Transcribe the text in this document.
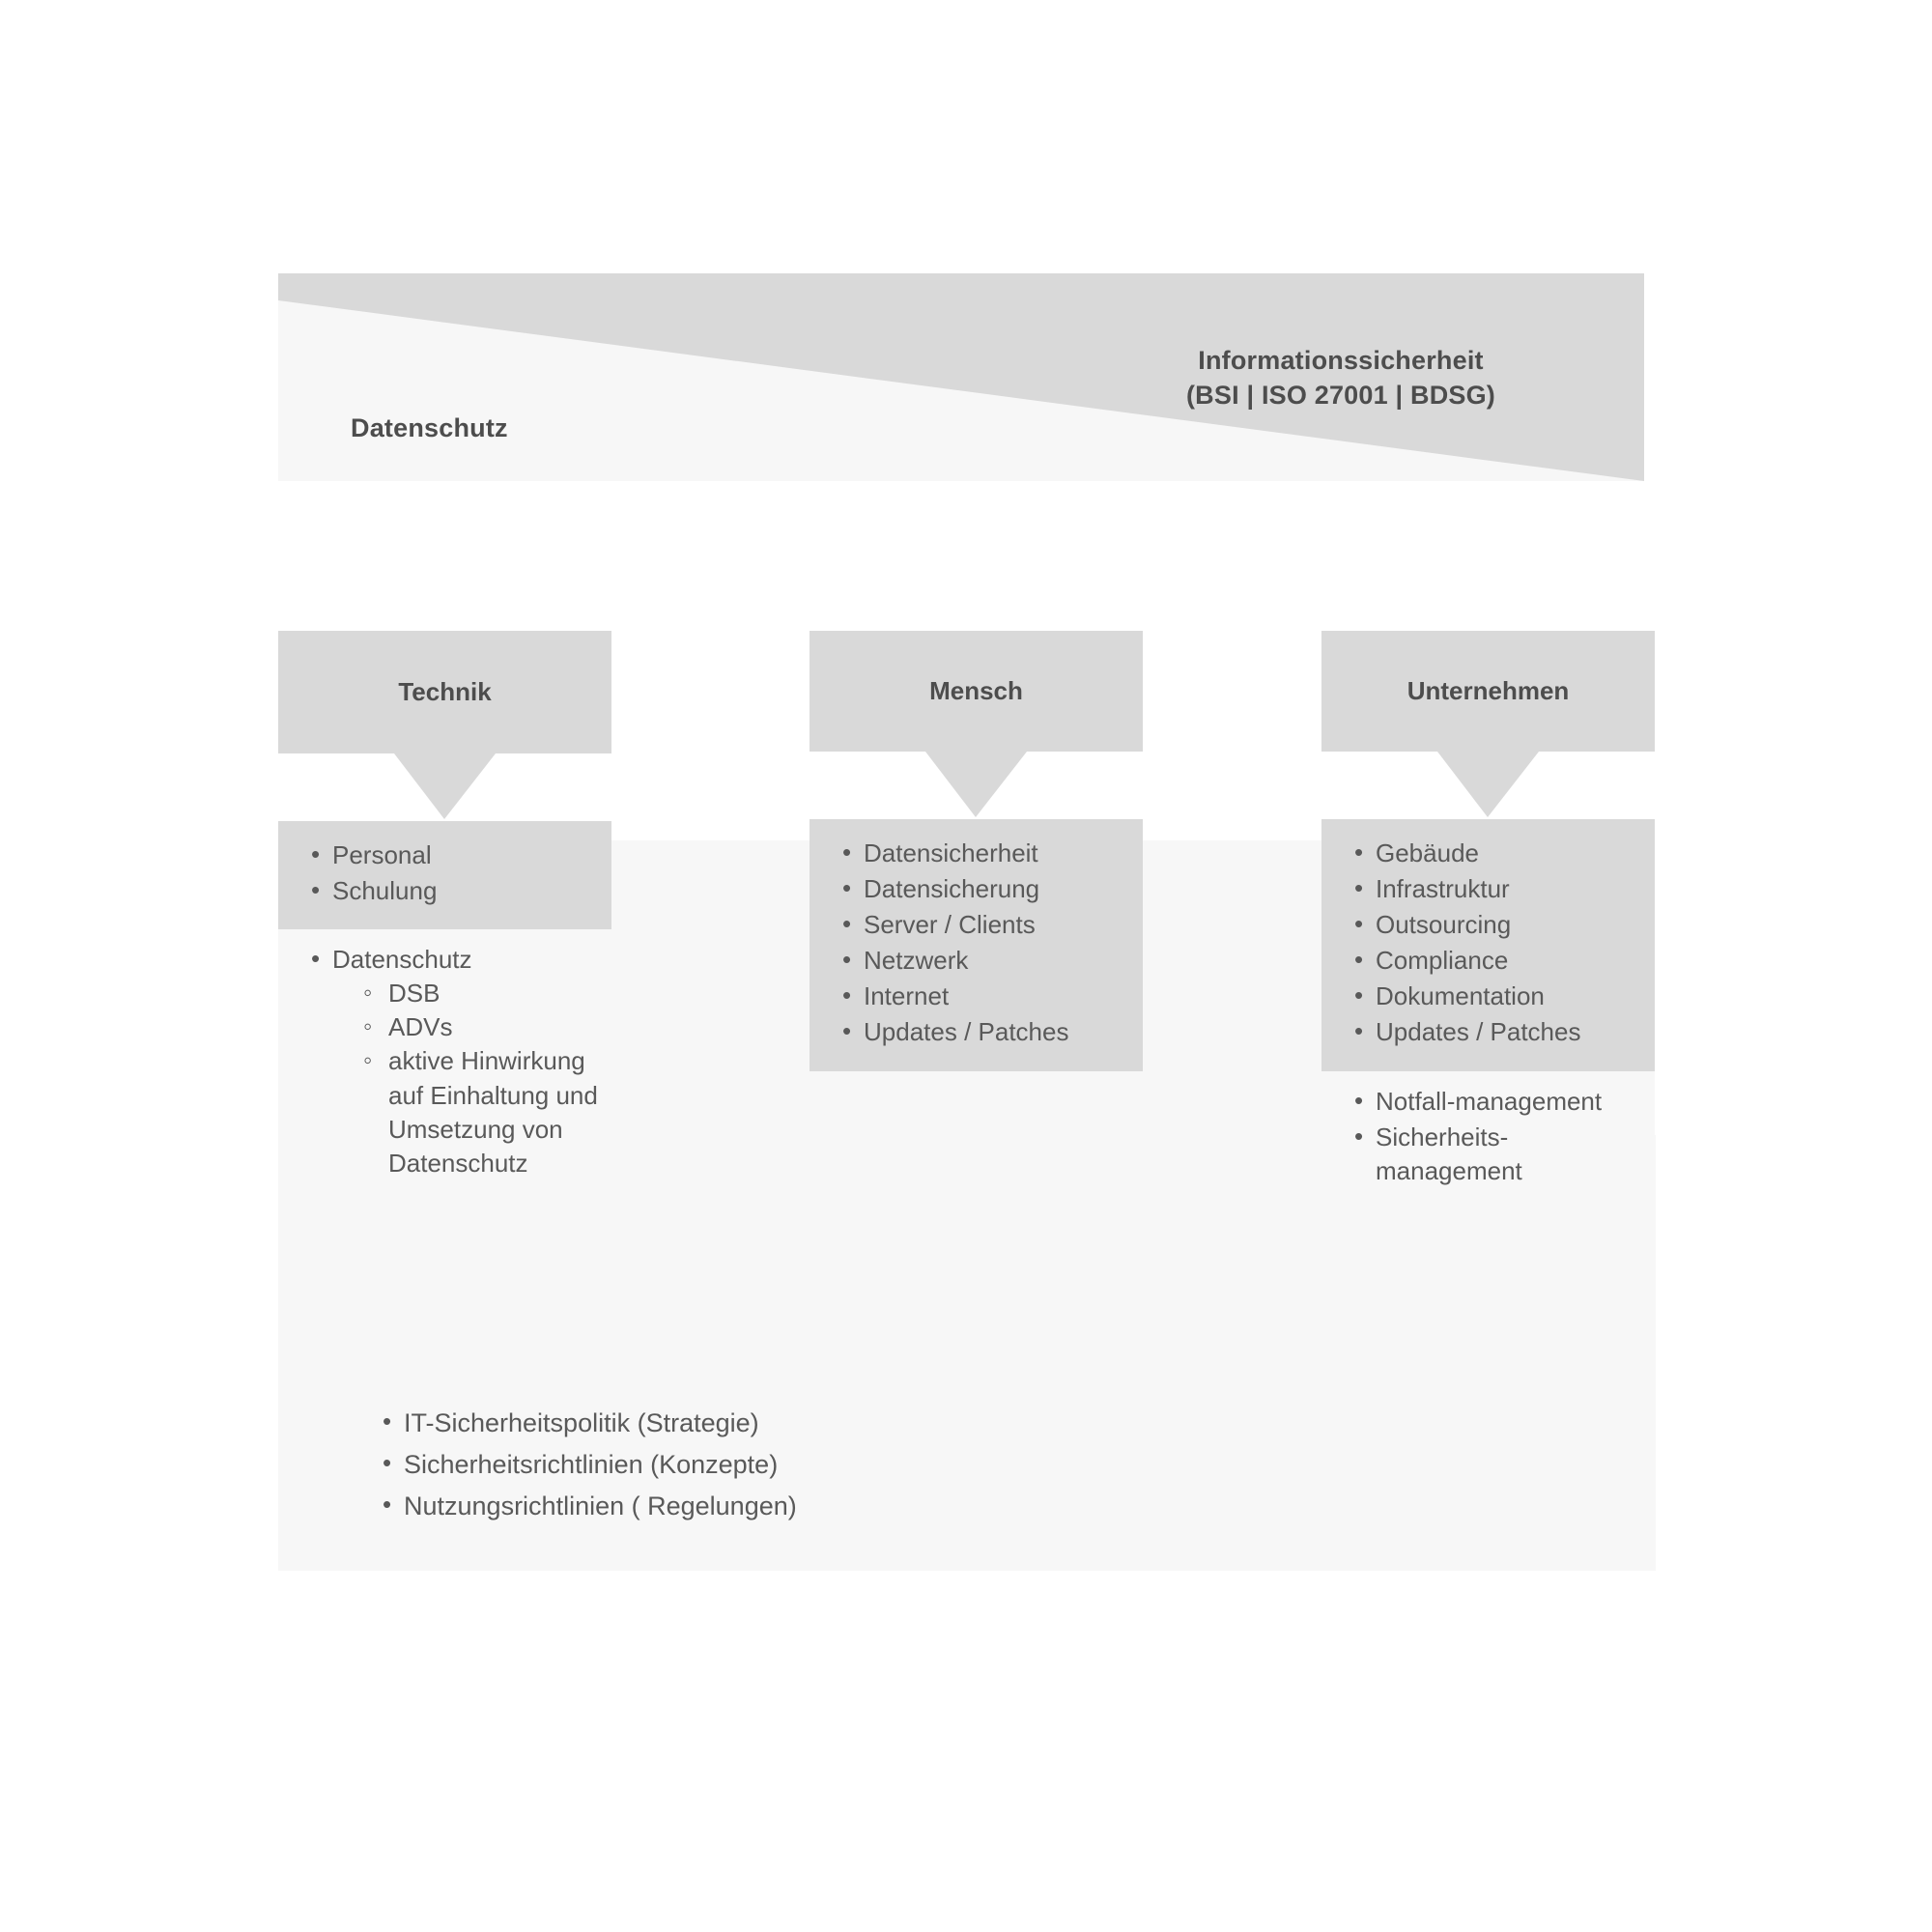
Datenschutz
Informationssicherheit
(BSI | ISO 27001 | BDSG)
Technik
• Personal
• Schulung
• Datenschutz
◦ DSB
◦ ADVs
◦ aktive Hinwirkung auf Einhaltung und Umsetzung von Datenschutz
Mensch
• Datensicherheit
• Datensicherung
• Server / Clients
• Netzwerk
• Internet
• Updates / Patches
Unternehmen
• Gebäude
• Infrastruktur
• Outsourcing
• Compliance
• Dokumentation
• Updates / Patches
• Notfall-management
• Sicherheits-management
• IT-Sicherheitspolitik (Strategie)
• Sicherheitsrichtlinien (Konzepte)
• Nutzungsrichtlinien ( Regelungen)
